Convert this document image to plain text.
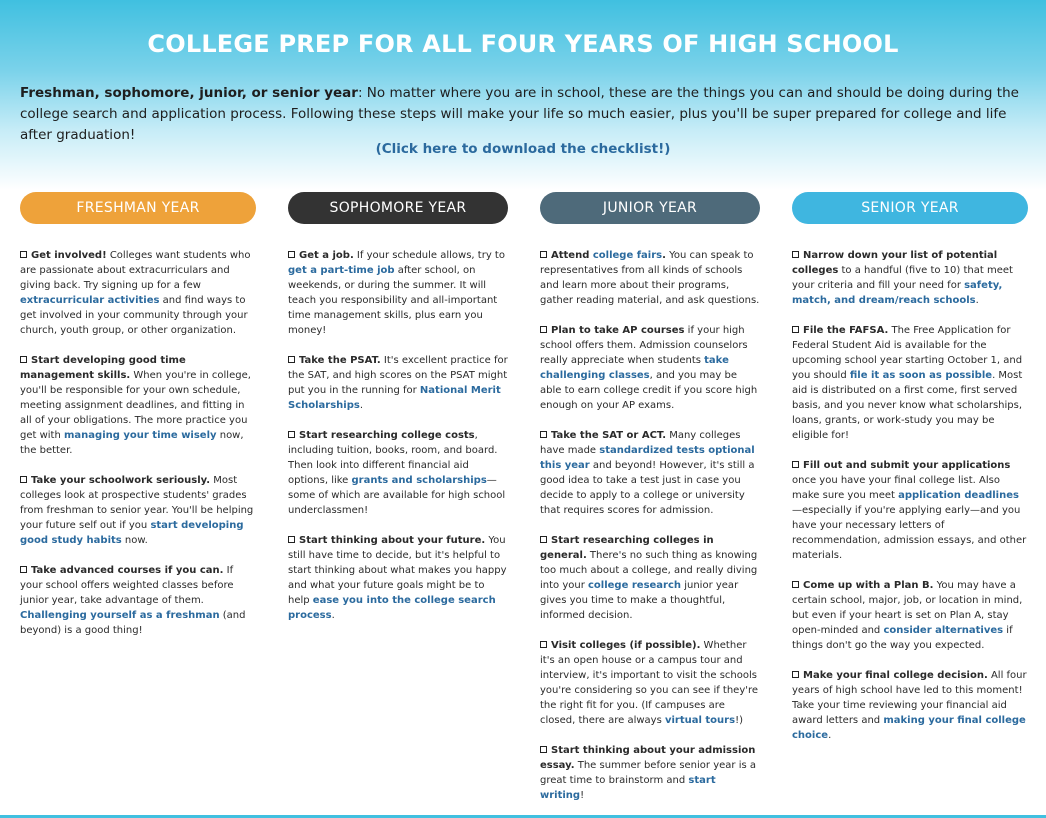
COLLEGE PREP FOR ALL FOUR YEARS OF HIGH SCHOOL

Freshman, sophomore, junior, or senior year: No matter where you are in school, these are the things you can and should be doing during the college search and application process. Following these steps will make your life so much easier, plus you'll be super prepared for college and life after graduation!

(Click here to download the checklist!)
FRESHMAN YEAR

Get involved! Colleges want students who are passionate about extracurriculars and giving back. Try signing up for a few extracurricular activities and find ways to get involved in your community through your church, youth group, or other organization.

Start developing good time management skills. When you're in college, you'll be responsible for your own schedule, meeting assignment deadlines, and fitting in all of your obligations. The more practice you get with managing your time wisely now, the better.

Take your schoolwork seriously. Most colleges look at prospective students' grades from freshman to senior year. You'll be helping your future self out if you start developing good study habits now.

Take advanced courses if you can. If your school offers weighted classes before junior year, take advantage of them. Challenging yourself as a freshman (and beyond) is a good thing!

SOPHOMORE YEAR

Get a job. If your schedule allows, try to get a part-time job after school, on weekends, or during the summer. It will teach you responsibility and all-important time management skills, plus earn you money!

Take the PSAT. It's excellent practice for the SAT, and high scores on the PSAT might put you in the running for National Merit Scholarships.

Start researching college costs, including tuition, books, room, and board. Then look into different financial aid options, like grants and scholarships—some of which are available for high school underclassmen!

Start thinking about your future. You still have time to decide, but it's helpful to start thinking about what makes you happy and what your future goals might be to help ease you into the college search process.

JUNIOR YEAR

Attend college fairs. You can speak to representatives from all kinds of schools and learn more about their programs, gather reading material, and ask questions.

Plan to take AP courses if your high school offers them. Admission counselors really appreciate when students take challenging classes, and you may be able to earn college credit if you score high enough on your AP exams.

Take the SAT or ACT. Many colleges have made standardized tests optional this year and beyond! However, it's still a good idea to take a test just in case you decide to apply to a college or university that requires scores for admission.

Start researching colleges in general. There's no such thing as knowing too much about a college, and really diving into your college research junior year gives you time to make a thoughtful, informed decision.

Visit colleges (if possible). Whether it's an open house or a campus tour and interview, it's important to visit the schools you're considering so you can see if they're the right fit for you. (If campuses are closed, there are always virtual tours!)

Start thinking about your admission essay. The summer before senior year is a great time to brainstorm and start writing!

SENIOR YEAR

Narrow down your list of potential colleges to a handful (five to 10) that meet your criteria and fill your need for safety, match, and dream/reach schools.

File the FAFSA. The Free Application for Federal Student Aid is available for the upcoming school year starting October 1, and you should file it as soon as possible. Most aid is distributed on a first come, first served basis, and you never know what scholarships, loans, grants, or work-study you may be eligible for!

Fill out and submit your applications once you have your final college list. Also make sure you meet application deadlines—especially if you're applying early—and you have your necessary letters of recommendation, admission essays, and other materials.

Come up with a Plan B. You may have a certain school, major, job, or location in mind, but even if your heart is set on Plan A, stay open-minded and consider alternatives if things don't go the way you expected.

Make your final college decision. All four years of high school have led to this moment! Take your time reviewing your financial aid award letters and making your final college choice.
